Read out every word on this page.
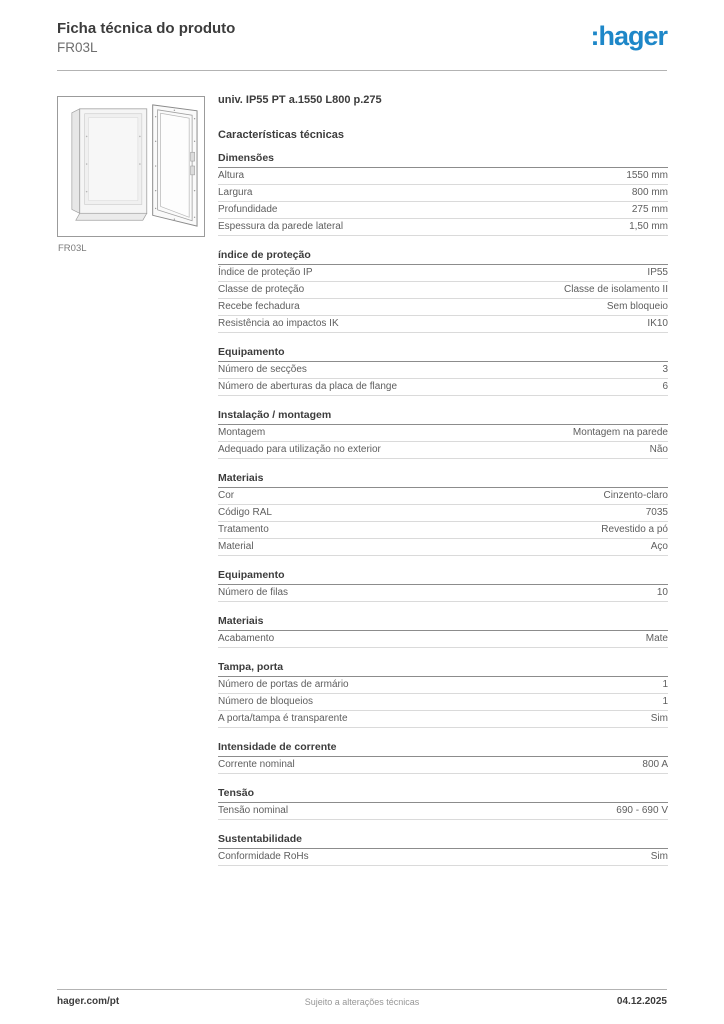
Ficha técnica do produto
FR03L	:hager
FR03L
univ. IP55 PT a.1550 L800 p.275
Características técnicas
Dimensões
Altura	1550 mm
Largura	800 mm
Profundidade	275 mm
Espessura da parede lateral	1,50 mm
índice de proteção
Índice de proteção IP	IP55
Classe de proteção	Classe de isolamento II
Recebe fechadura	Sem bloqueio
Resistência ao impactos IK	IK10
Equipamento
Número de secções	3
Número de aberturas da placa de flange	6
Instalação / montagem
Montagem	Montagem na parede
Adequado para utilização no exterior	Não
Materiais
Cor	Cinzento-claro
Código RAL	7035
Tratamento	Revestido a pó
Material	Aço
Equipamento
Número de filas	10
Materiais
Acabamento	Mate
Tampa, porta
Número de portas de armário	1
Número de bloqueios	1
A porta/tampa é transparente	Sim
Intensidade de corrente
Corrente nominal	800 A
Tensão
Tensão nominal	690 - 690 V
Sustentabilidade
Conformidade RoHs	Sim
hager.com/pt	Sujeito a alterações técnicas	04.12.2025
